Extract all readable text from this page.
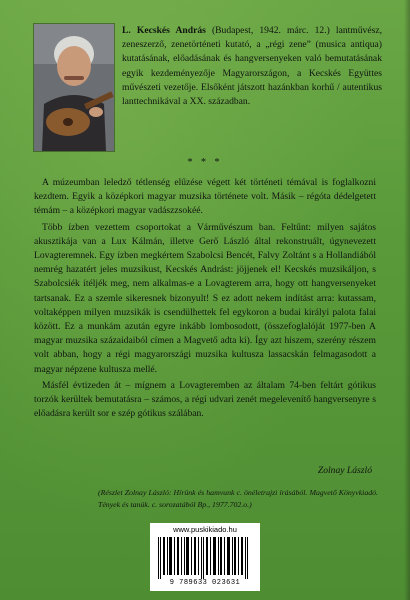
L. Kecskés András (Budapest, 1942. márc. 12.) lantművész, zeneszerző, zenetörténeti kutató, a „régi zene” (musica antiqua) kutatásának, előadásának és hangversenyeken való bemutatásának egyik kezdeményezője Magyarországon, a Kecskés Együttes művészeti vezetője. Elsőként játszott hazánkban korhű / autentikus lanttechnikával a XX. században.
* * *

A múzeumban leledző tétlenség elűzése végett két történeti témával is foglalkozni kezdtem. Egyik a középkori magyar muzsika története volt. Másik – régóta dédelgetett témám – a középkori magyar vadászzsokéé.

Több ízben vezettem csoportokat a Várművészum ban. Feltűnt: milyen sajátos akusztikája van a Lux Kálmán, illetve Gerő László által rekonstruált, úgynevezett Lovagteremnek. Egy ízben megkértem Szabolcsi Bencét, Falvy Zoltánt s a Hollandiából nemrég hazatért jeles muzsikust, Kecskés Andrást: jöjjenek el! Kecskés muzsikáljon, s Szabolcsiék ítéljék meg, nem alkalmas-e a Lovagterem arra, hogy ott hangversenyeket tartsanak. Ez a szemle sikeresnek bizonyult! S ez adott nekem indítást arra: kutassam, voltaképpen milyen muzsikák is csendülhettek fel egykoron a budai királyi palota falai között. Ez a munkám azután egyre inkább lombosodott, (összefoglalóját 1977-ben A magyar muzsika százaidaiból címen a Magvető adta ki). Így azt hiszem, szerény részem volt abban, hogy a régi magyarországi muzsika kultusza lassacskán felmagasodott a magyar népzene kultusza mellé.

Másfél évtizeden át – mígnem a Lovagteremben az általam 74-ben feltárt gótikus torzók kerültek bemutatásra – számos, a régi udvari zenét megelevenítő hangversenyre s előadásra került sor e szép gótikus szálában.

Zolnay László
(Részlet Zolnay László: Hírünk és hamvunk c. önéletrajzi írásából. Magvető Könyvkiadó. Tények és tanúk. c. sorozatából Bp., 1977.702.o.)
www.puskikiado.hu
9 789633 023631
